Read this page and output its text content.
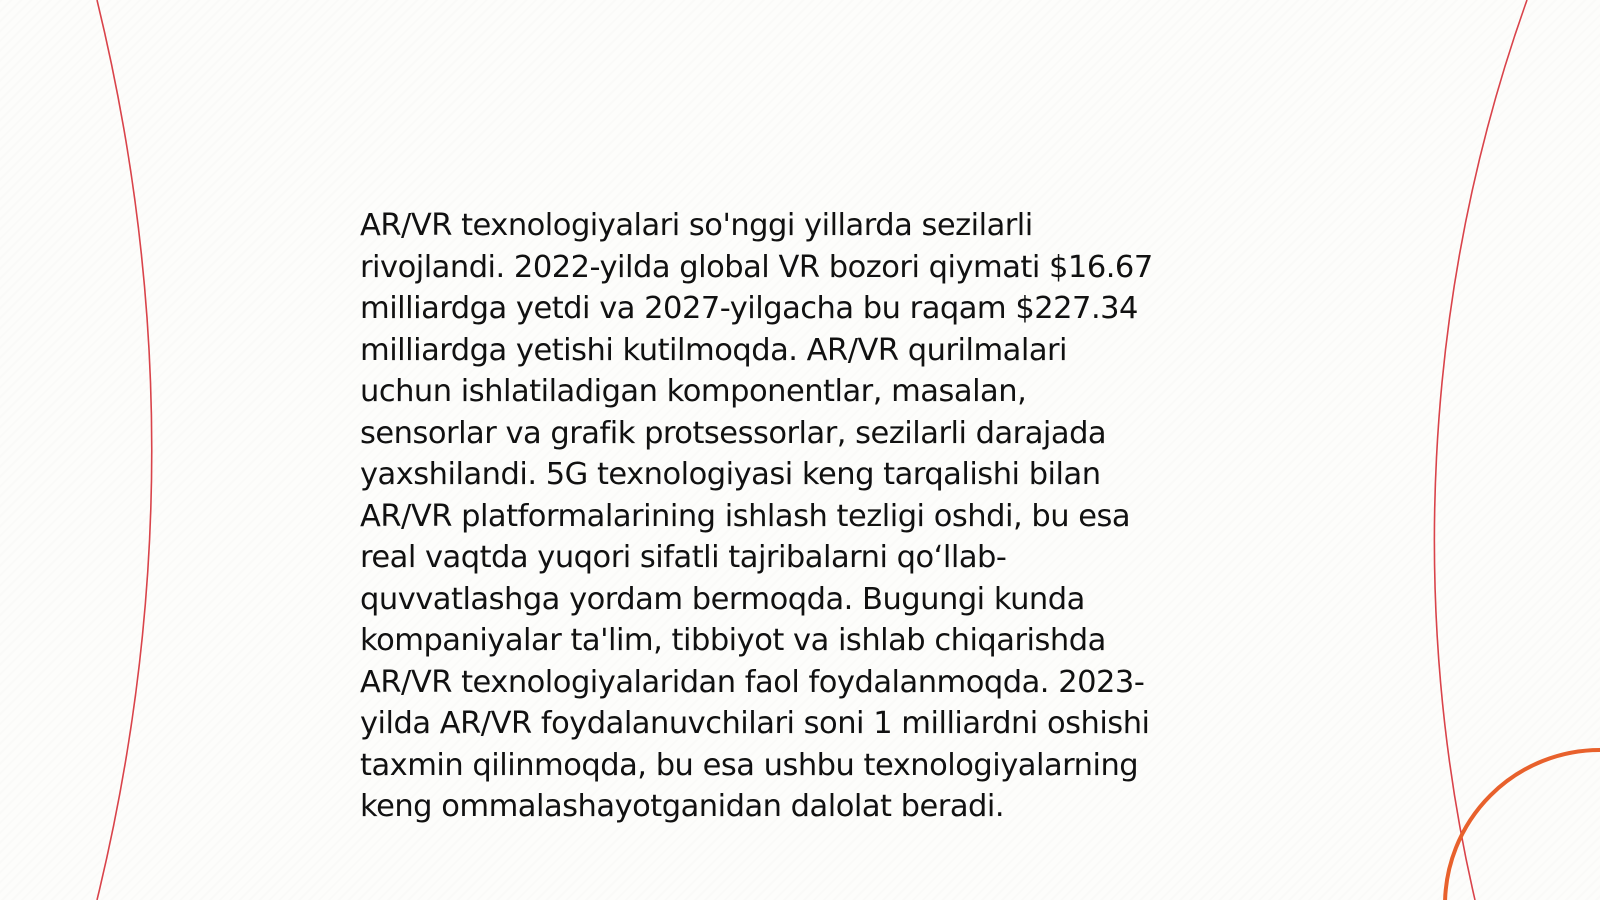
AR/VR texnologiyalari so'nggi yillarda sezilarli
rivojlandi. 2022-yilda global VR bozori qiymati $16.67
milliardga yetdi va 2027-yilgacha bu raqam $227.34
milliardga yetishi kutilmoqda. AR/VR qurilmalari
uchun ishlatiladigan komponentlar, masalan,
sensorlar va grafik protsessorlar, sezilarli darajada
yaxshilandi. 5G texnologiyasi keng tarqalishi bilan
AR/VR platformalarining ishlash tezligi oshdi, bu esa
real vaqtda yuqori sifatli tajribalarni qo‘llab-
quvvatlashga yordam bermoqda. Bugungi kunda
kompaniyalar ta'lim, tibbiyot va ishlab chiqarishda
AR/VR texnologiyalaridan faol foydalanmoqda. 2023-
yilda AR/VR foydalanuvchilari soni 1 milliardni oshishi
taxmin qilinmoqda, bu esa ushbu texnologiyalarning
keng ommalashayotganidan dalolat beradi.
